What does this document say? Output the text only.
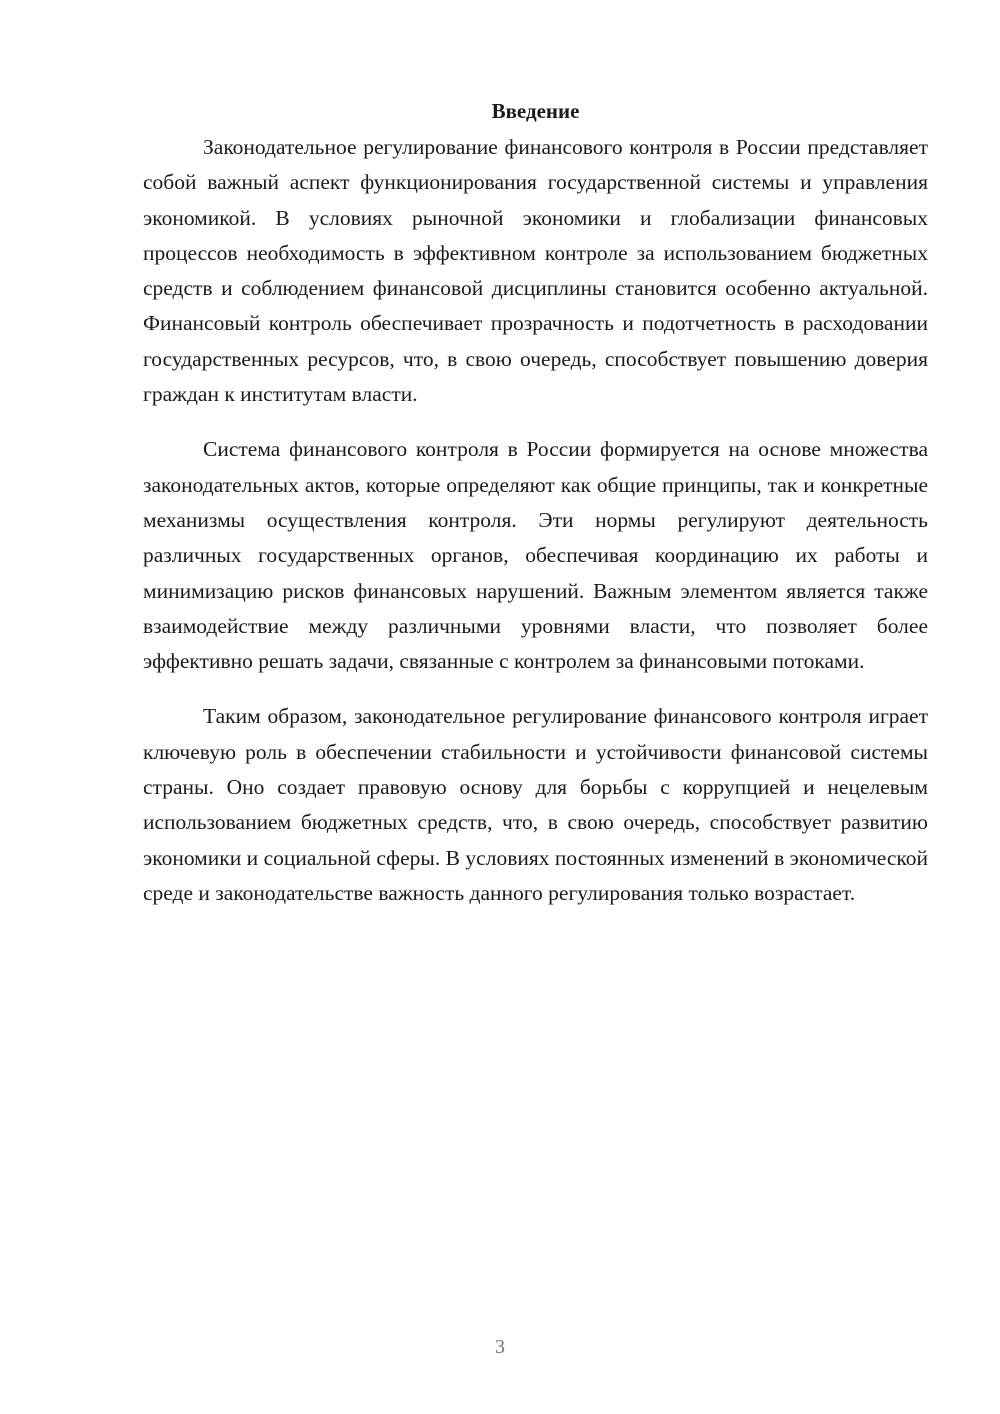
Введение

Законодательное регулирование финансового контроля в России представляет собой важный аспект функционирования государственной системы и управления экономикой. В условиях рыночной экономики и глобализации финансовых процессов необходимость в эффективном контроле за использованием бюджетных средств и соблюдением финансовой дисциплины становится особенно актуальной. Финансовый контроль обеспечивает прозрачность и подотчетность в расходовании государственных ресурсов, что, в свою очередь, способствует повышению доверия граждан к институтам власти.

Система финансового контроля в России формируется на основе множества законодательных актов, которые определяют как общие принципы, так и конкретные механизмы осуществления контроля. Эти нормы регулируют деятельность различных государственных органов, обеспечивая координацию их работы и минимизацию рисков финансовых нарушений. Важным элементом является также взаимодействие между различными уровнями власти, что позволяет более эффективно решать задачи, связанные с контролем за финансовыми потоками.

Таким образом, законодательное регулирование финансового контроля играет ключевую роль в обеспечении стабильности и устойчивости финансовой системы страны. Оно создает правовую основу для борьбы с коррупцией и нецелевым использованием бюджетных средств, что, в свою очередь, способствует развитию экономики и социальной сферы. В условиях постоянных изменений в экономической среде и законодательстве важность данного регулирования только возрастает.

3
